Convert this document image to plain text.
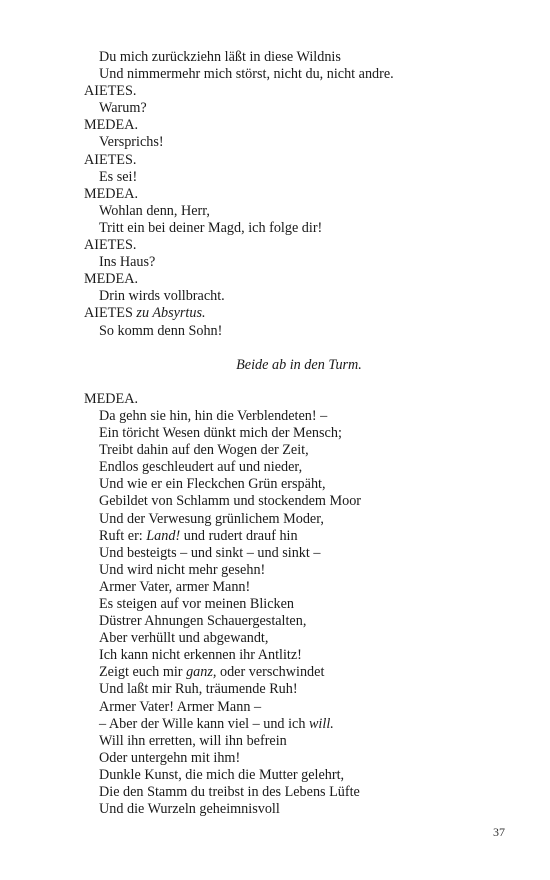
Du mich zurückziehn läßt in diese Wildnis
Und nimmermehr mich störst, nicht du, nicht andre.
AIETES.
Warum?
MEDEA.
Versprichs!
AIETES.
Es sei!
MEDEA.
Wohlan denn, Herr,
Tritt ein bei deiner Magd, ich folge dir!
AIETES.
Ins Haus?
MEDEA.
Drin wirds vollbracht.
AIETES zu Absyrtus.
So komm denn Sohn!
Beide ab in den Turm.
MEDEA.
Da gehn sie hin, hin die Verblendeten! –
Ein töricht Wesen dünkt mich der Mensch;
Treibt dahin auf den Wogen der Zeit,
Endlos geschleudert auf und nieder,
Und wie er ein Fleckchen Grün erspäht,
Gebildet von Schlamm und stockendem Moor
Und der Verwesung grünlichem Moder,
Ruft er: Land! und rudert drauf hin
Und besteigts – und sinkt – und sinkt –
Und wird nicht mehr gesehn!
Armer Vater, armer Mann!
Es steigen auf vor meinen Blicken
Düstrer Ahnungen Schauergestalten,
Aber verhüllt und abgewandt,
Ich kann nicht erkennen ihr Antlitz!
Zeigt euch mir ganz, oder verschwindet
Und laßt mir Ruh, träumende Ruh!
Armer Vater! Armer Mann –
– Aber der Wille kann viel – und ich will.
Will ihn erretten, will ihn befrein
Oder untergehn mit ihm!
Dunkle Kunst, die mich die Mutter gelehrt,
Die den Stamm du treibst in des Lebens Lüfte
Und die Wurzeln geheimnisvoll
37
